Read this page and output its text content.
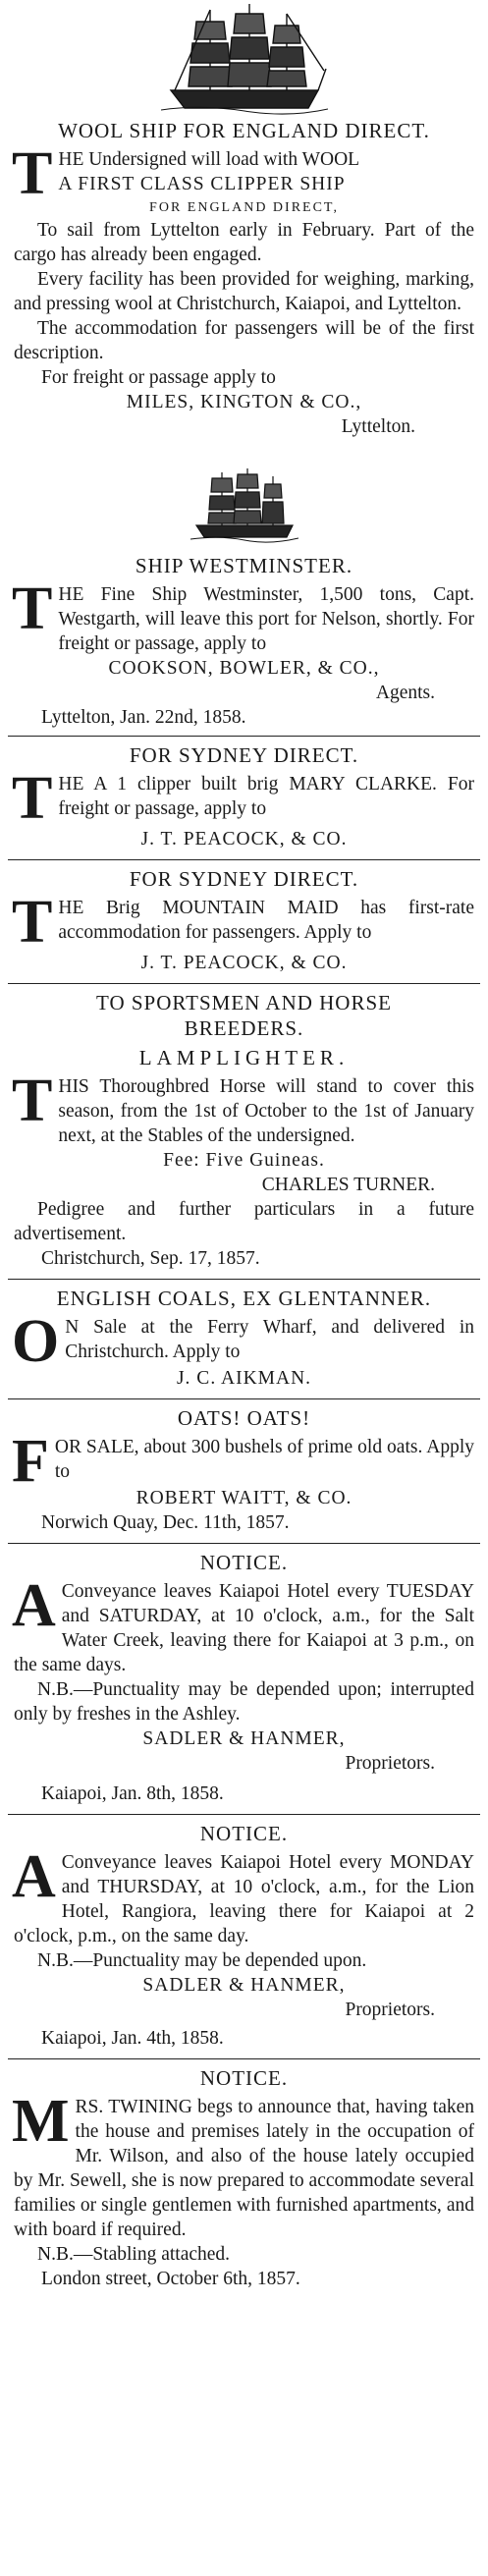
WOOL SHIP FOR ENGLAND DIRECT.
T HE Undersigned will load with WOOL
A FIRST CLASS CLIPPER SHIP
FOR ENGLAND DIRECT,

To sail from Lyttelton early in February. Part of the cargo has already been engaged.

Every facility has been provided for weighing, marking, and pressing wool at Christchurch, Kaiapoi, and Lyttelton.

The accommodation for passengers will be of the first description.

For freight or passage apply to
MILES, KINGTON & CO.,
Lyttelton.
SHIP WESTMINSTER.
T HE Fine Ship Westminster, 1,500 tons, Capt. Westgarth, will leave this port for Nelson, shortly. For freight or passage, apply to

COOKSON, BOWLER, & CO.,
Agents.
Lyttelton, Jan. 22nd, 1858.
FOR SYDNEY DIRECT.
T HE A 1 clipper built brig MARY CLARKE. For freight or passage, apply to

J. T. PEACOCK, & CO.
FOR SYDNEY DIRECT.
T HE Brig MOUNTAIN MAID has first-rate accommodation for passengers. Apply to

J. T. PEACOCK, & CO.
TO SPORTSMEN AND HORSE
BREEDERS.
LAMPLIGHTER.
T HIS Thoroughbred Horse will stand to cover this season, from the 1st of October to the 1st of January next, at the Stables of the undersigned.

Fee: Five Guineas.
CHARLES TURNER.

Pedigree and further particulars in a future advertisement.

Christchurch, Sep. 17, 1857.
ENGLISH COALS, EX GLENTANNER.
O N Sale at the Ferry Wharf, and delivered in Christchurch. Apply to

J. C. AIKMAN.
OATS! OATS!
F OR SALE, about 300 bushels of prime old oats. Apply to

ROBERT WAITT, & CO.
Norwich Quay, Dec. 11th, 1857.
NOTICE.
A Conveyance leaves Kaiapoi Hotel every TUESDAY and SATURDAY, at 10 o'clock, a.m., for the Salt Water Creek, leaving there for Kaiapoi at 3 p.m., on the same days.

N.B.—Punctuality may be depended upon; interrupted only by freshes in the Ashley.

SADLER & HANMER,
Proprietors.
Kaiapoi, Jan. 8th, 1858.
NOTICE.
A Conveyance leaves Kaiapoi Hotel every MONDAY and THURSDAY, at 10 o'clock, a.m., for the Lion Hotel, Rangiora, leaving there for Kaiapoi at 2 o'clock, p.m., on the same day.

N.B.—Punctuality may be depended upon.

SADLER & HANMER,
Proprietors.
Kaiapoi, Jan. 4th, 1858.
NOTICE.
M RS. TWINING begs to announce that, having taken the house and premises lately in the occupation of Mr. Wilson, and also of the house lately occupied by Mr. Sewell, she is now prepared to accommodate several families or single gentlemen with furnished apartments, and with board if required.

N.B.—Stabling attached.

London street, October 6th, 1857.
